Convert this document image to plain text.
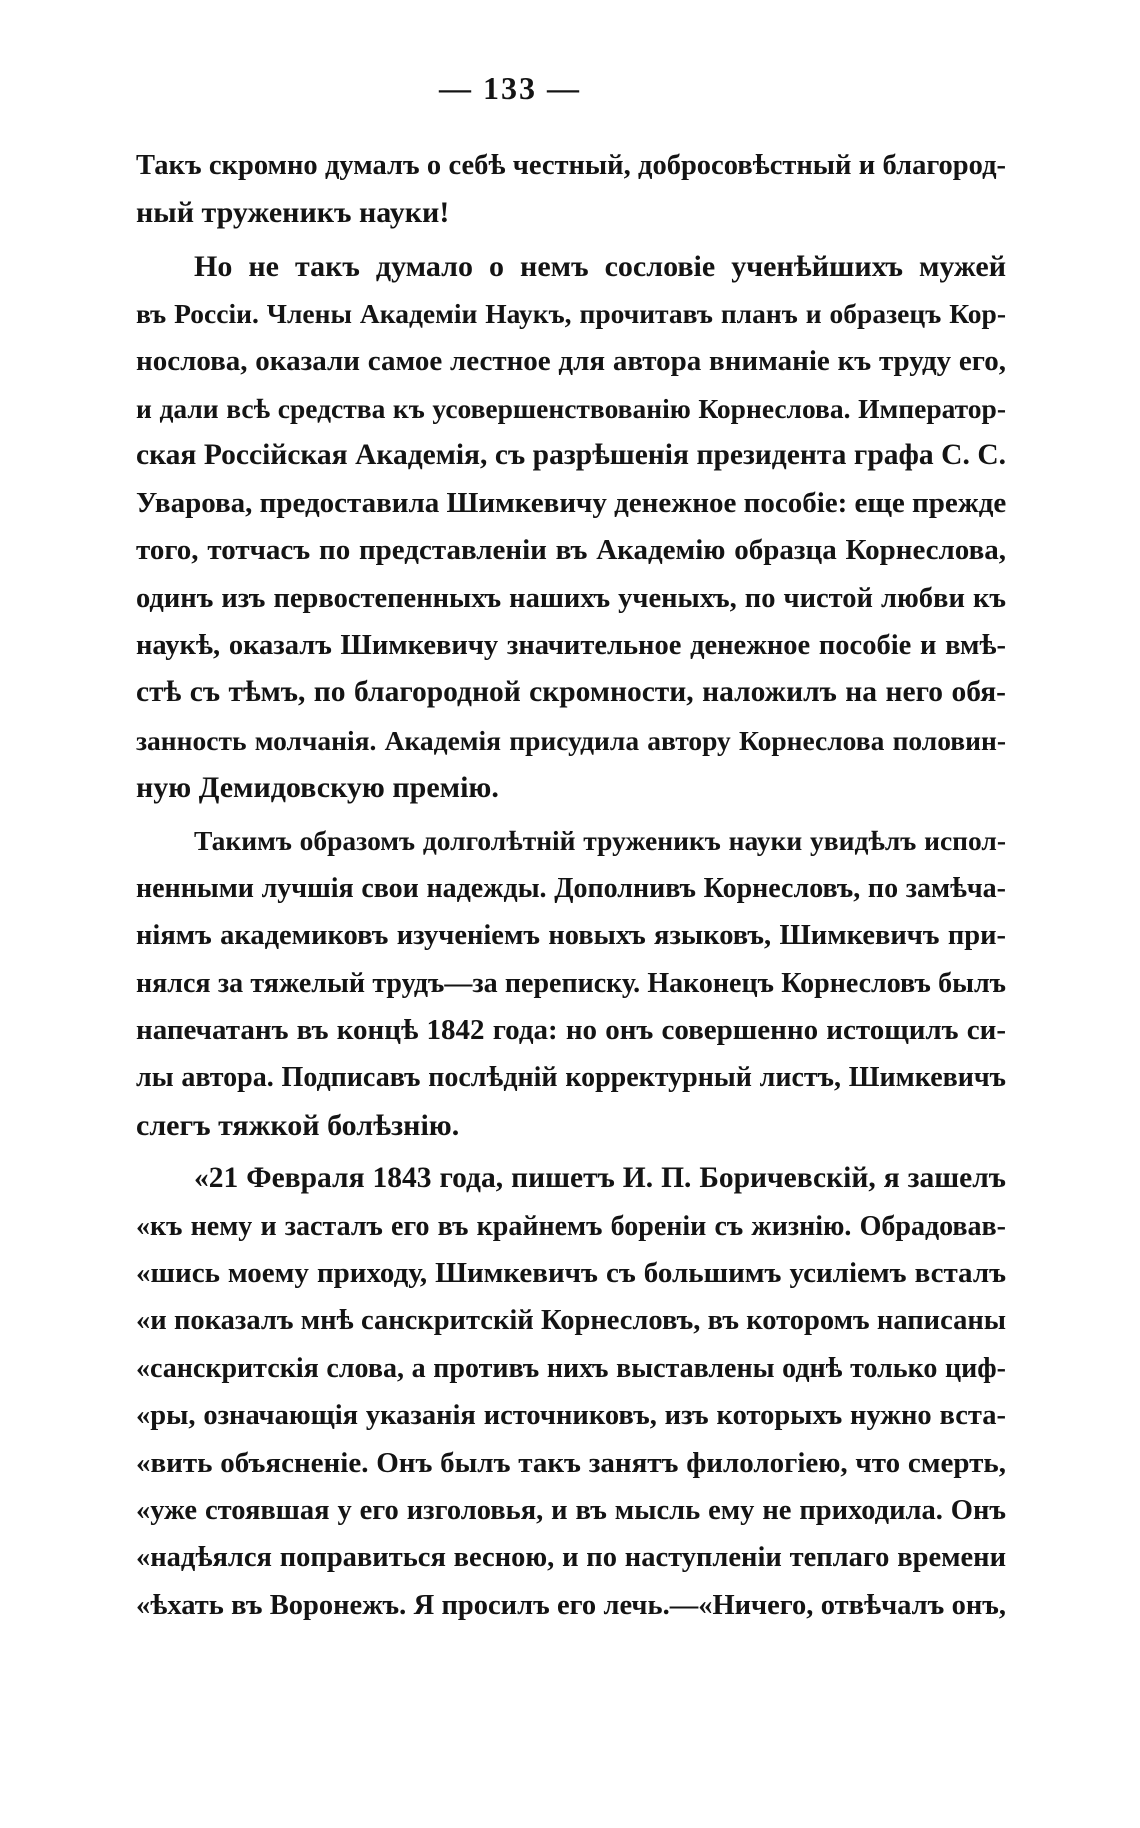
— 133 —
Такъ скромно думалъ о себѣ честный, добросовѣстный и благород-
ный труженикъ науки!
Но не такъ думало о немъ сословіе ученѣйшихъ мужей
въ Россіи. Члены Академіи Наукъ, прочитавъ планъ и образецъ Кор-
нослова, оказали самое лестное для автора вниманіе къ труду его,
и дали всѣ средства къ усовершенствованію Корнеслова. Император-
ская Россійская Академія, съ разрѣшенія президента графа С. С.
Уварова, предоставила Шимкевичу денежное пособіе: еще прежде
того, тотчасъ по представленіи въ Академію образца Корнеслова,
одинъ изъ первостепенныхъ нашихъ ученыхъ, по чистой любви къ
наукѣ, оказалъ Шимкевичу значительное денежное пособіе и вмѣ-
стѣ съ тѣмъ, по благородной скромности, наложилъ на него обя-
занность молчанія. Академія присудила автору Корнеслова половин-
ную Демидовскую премію.
Такимъ образомъ долголѣтній труженикъ науки увидѣлъ испол-
ненными лучшія свои надежды. Дополнивъ Корнесловъ, по замѣча-
ніямъ академиковъ изученіемъ новыхъ языковъ, Шимкевичъ при-
нялся за тяжелый трудъ—за переписку. Наконецъ Корнесловъ былъ
напечатанъ въ концѣ 1842 года: но онъ совершенно истощилъ си-
лы автора. Подписавъ послѣдній корректурный листъ, Шимкевичъ
слегъ тяжкой болѣзнію.
«21 Февраля 1843 года, пишетъ И. П. Боричевскій, я зашелъ
«къ нему и засталъ его въ крайнемъ бореніи съ жизнію. Обрадовав-
«шись моему приходу, Шимкевичъ съ большимъ усиліемъ всталъ
«и показалъ мнѣ санскритскій Корнесловъ, въ которомъ написаны
«санскритскія слова, а противъ нихъ выставлены однѣ только циф-
«ры, означающія указанія источниковъ, изъ которыхъ нужно вста-
«вить объясненіе. Онъ былъ такъ занятъ филологіею, что смерть,
«уже стоявшая у его изголовья, и въ мысль ему не приходила. Онъ
«надѣялся поправиться весною, и по наступленіи теплаго времени
«ѣхать въ Воронежъ. Я просилъ его лечь.—«Ничего, отвѣчалъ онъ,
